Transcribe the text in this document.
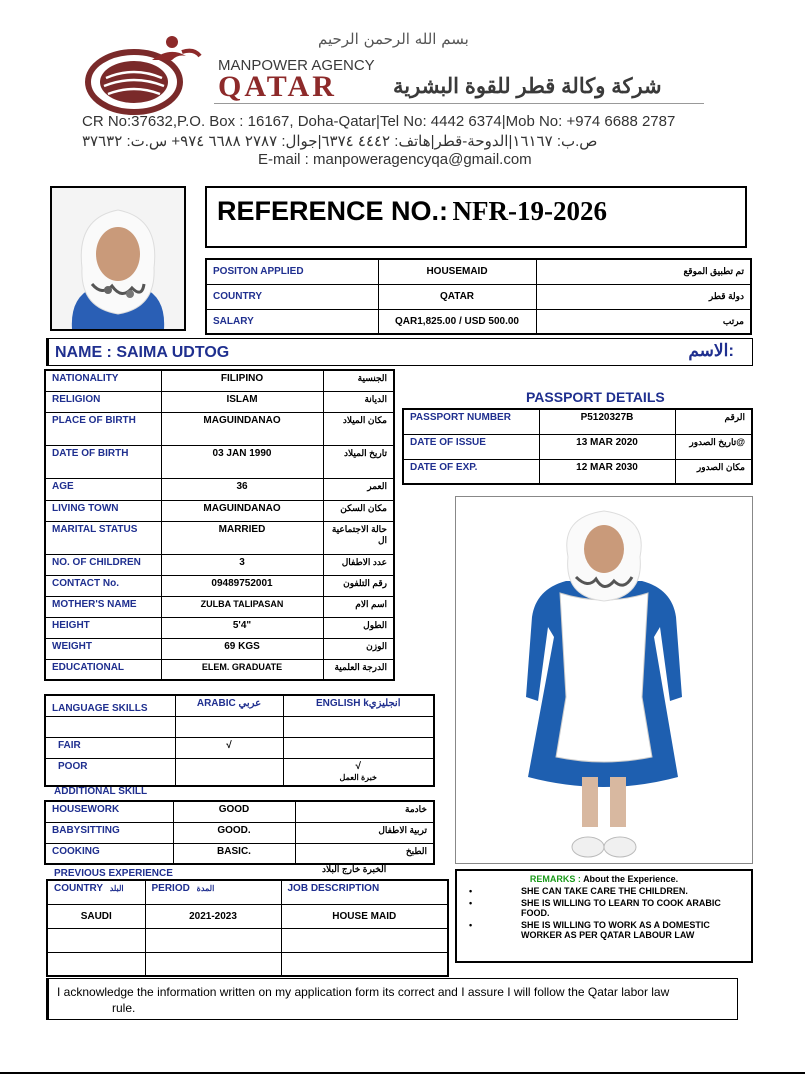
بسم الله الرحمن الرحيم
MANPOWER AGENCY
QATAR	شركة وكالة قطر للقوة البشرية
CR No:37632,P.O. Box : 16167, Doha-Qatar|Tel No: 4442 6374|Mob No: +974 6688 2787
ص.ب: ١٦١٦٧|الدوحة-قطر|هاتف: ٤٤٤٢ ٦٣٧٤|جوال: ٢٧٨٧ ٦٦٨٨ ٩٧٤+ س.ت: ٣٧٦٣٢
E-mail : manpoweragencyqa@gmail.com
REFERENCE NO.: NFR-19-2026
POSITON APPLIED	HOUSEMAID	تم تطبيق الموقع
COUNTRY	QATAR	دولة قطر
SALARY	QAR1,825.00 / USD 500.00	مرتب
NAME : SAIMA UDTOG	الاسم:
NATIONALITY	FILIPINO	الجنسية
RELIGION	ISLAM	الديانة
PLACE OF BIRTH	MAGUINDANAO	مكان الميلاد
DATE OF BIRTH	03 JAN 1990	تاريخ الميلاد
AGE	36	العمر
LIVING TOWN	MAGUINDANAO	مكان السكن
MARITAL STATUS	MARRIED	حالة الاجتماعية ال
NO. OF CHILDREN	3	عدد الاطفال
CONTACT No.	09489752001	رقم التلفون
MOTHER'S NAME	ZULBA TALIPASAN	اسم الام
HEIGHT	5'4"	الطول
WEIGHT	69 KGS	الوزن
EDUCATIONAL	ELEM. GRADUATE	الدرجة العلمية
PASSPORT DETAILS
PASSPORT NUMBER	P5120327B	الرقم
DATE OF ISSUE	13 MAR 2020	@تاريخ الصدور
DATE OF EXP.	12 MAR 2030	مكان الصدور
LANGUAGE SKILLS	ARABIC عربي	ENGLISH kانجليزي

FAIR	√	
POOR		√
خبرة العمل
ADDITIONAL SKILL
HOUSEWORK	GOOD	خادمة
BABYSITTING	GOOD.	تربية الاطفال
COOKING	BASIC.	الطبخ
PREVIOUS EXPERIENCE	الخبرة خارج البلاد
COUNTRY البلد	PERIOD المدة	JOB DESCRIPTION
SAUDI	2021-2023	HOUSE MAID

REMARKS : About the Experience.
•	SHE CAN TAKE CARE THE CHILDREN.
•	SHE IS WILLING TO LEARN TO COOK ARABIC FOOD.
•	SHE IS WILLING TO WORK AS A DOMESTIC WORKER AS PER QATAR LABOUR LAW
I acknowledge the information written on my application form its correct and I assure I will follow the Qatar labor law
rule.
